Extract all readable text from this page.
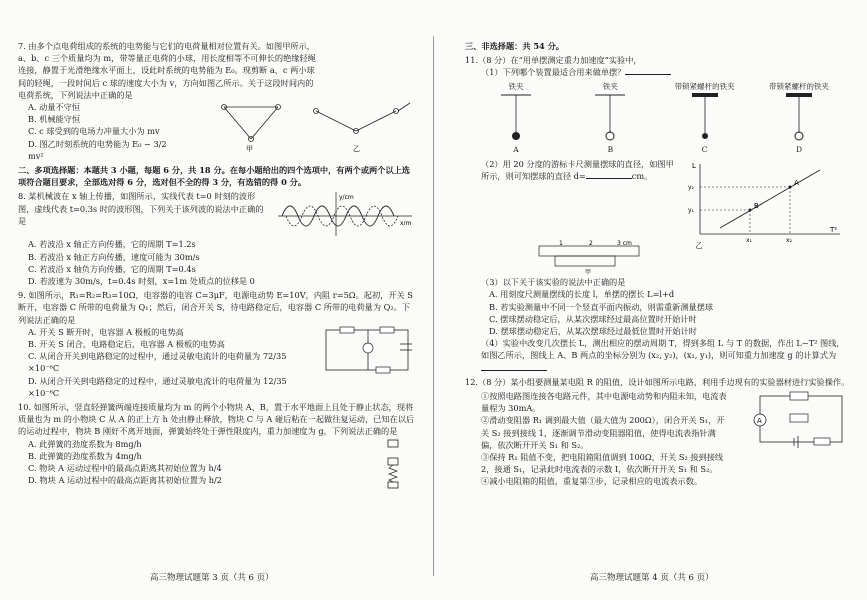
7. 由多个点电荷组成的系统的电势能与它们的电荷量相对位置有关。如图甲所示，a、b、c 三个质量均为 m，带等量正电荷的小球，用长度相等不可伸长的绝缘轻绳连接，静置于光滑绝缘水平面上，设此时系统的电势能为 E₀。现剪断 a、c 两小球间的轻绳，一段时间后 c 球的速度大小为 v，方向如图乙所示。关于这段时间内的电荷系统，下列说法中正确的是
A. 动量不守恒
B. 机械能守恒
C. c 球受到的电场力冲量大小为 mv
D. 图乙时刻系统的电势能为 E₀ − 3/2 mv²
甲	乙
二、多项选择题：本题共 3 小题，每题 6 分，共 18 分。在每小题给出的四个选项中，有两个或两个以上选项符合题目要求，全部选对得 6 分，选对但不全的得 3 分，有选错的得 0 分。
8. 某机械波在 x 轴上传播，如图所示，实线代表 t=0 时刻的波形图，虚线代表 t=0.3s 时的波形图，下列关于该列波的说法中正确的是
y/cm
x/m
A. 若波沿 x 轴正方向传播，它的周期 T=1.2s
B. 若波沿 x 轴正方向传播，速度可能为 30m/s
C. 若波沿 x 轴负方向传播，它的周期 T=0.4s
D. 若波速为 30m/s，t=0.4s 时刻，x=1m 处质点的位移是 0
9. 如图所示，R₁=R₂=R₃=10Ω，电容器的电容 C=3μF，电源电动势 E=10V，内阻 r=5Ω。起初，开关 S 断开，电容器 C 所带的电荷量为 Q₁；然后，闭合开关 S，待电路稳定后，电容器 C 所带的电荷量为 Q₂。下列说法正确的是
A. 开关 S 断开时，电容器 A 极板的电势高
B. 开关 S 闭合，电路稳定后，电容器 A 极板的电势高
C. 从闭合开关到电路稳定的过程中，通过灵敏电流计的电荷量为 72/35 ×10⁻⁶C
D. 从闭合开关到电路稳定的过程中，通过灵敏电流计的电荷量为 12/35 ×10⁻⁶C
10. 如图所示，竖直轻弹簧两端连接质量均为 m 的两个小物块 A、B，置于水平地面上且处于静止状态，现将质量也为 m 的小物块 C 从 A 的正上方 h 处由静止释放，物块 C 与 A 碰后粘在一起做往复运动，已知在以后的运动过程中，物块 B 刚好不离开地面，弹簧始终处于弹性限度内，重力加速度为 g，下列说法正确的是
A. 此弹簧的劲度系数为 8mg/h
B. 此弹簧的劲度系数为 4mg/h
C. 物块 A 运动过程中的最高点距离其初始位置为 h/4
D. 物块 A 运动过程中的最高点距离其初始位置为 h/2
高三物理试题第 3 页（共 6 页）
三、非选择题：共 54 分。
11.（8 分）在“用单摆测定重力加速度”实验中，
（1）下列哪个装置最适合用来做单摆？
铁夹
A
铁夹
B
带锁紧螺杆的铁夹
C
带锁紧螺杆的铁夹
D
（2）用 20 分度的游标卡尺测量摆球的直径，如图甲所示，则可知摆球的直径 d=	cm。
L
T²
A
B
x₁	x₂
y₁
y₂
1	2	3 cm
甲
乙
（3）以下关于该实验的说法中正确的是
A. 用刻度尺测量摆线的长度 l，单摆的摆长 L=l+d
B. 若实验测量中不同一个竖直平面内振动，则需重新测量摆球
C. 摆球摆动稳定后，从某次摆球经过最高位置时开始计时
D. 摆球摆动稳定后，从某次摆球经过最低位置时开始计时
（4）实验中改变几次摆长 L，测出相应的摆动周期 T，得到多组 L 与 T 的数据，作出 L−T² 图线，如图乙所示，图线上 A、B 两点的坐标分别为 (x₂, y₂)，(x₁, y₁)，则可知重力加速度 g 的计算式为
12.（8 分）某小组要测量某电阻 R 的阻值，设计如图所示电路，利用手边现有的实验器材进行实验操作。
①按照电路图连接各电路元件，其中电源电动势和内阻未知，电流表量程为 30mA。
②滑动变阻器 R₁ 调到最大值（最大值为 200Ω），闭合开关 S₁，开关 S₂ 接到接线 1，逐渐调节滑动变阻器阻值，使得电流表指针满偏，依次断开开关 S₁ 和 S₂。
③保持 R₁ 阻值不变，把电阻箱阻值调到 100Ω，开关 S₂ 接到接线 2，接通 S₁，记录此时电流表的示数 I，依次断开开关 S₁ 和 S₂。
④减小电阻箱的阻值，重复第③步，记录相应的电流表示数。
A
高三物理试题第 4 页（共 6 页）
